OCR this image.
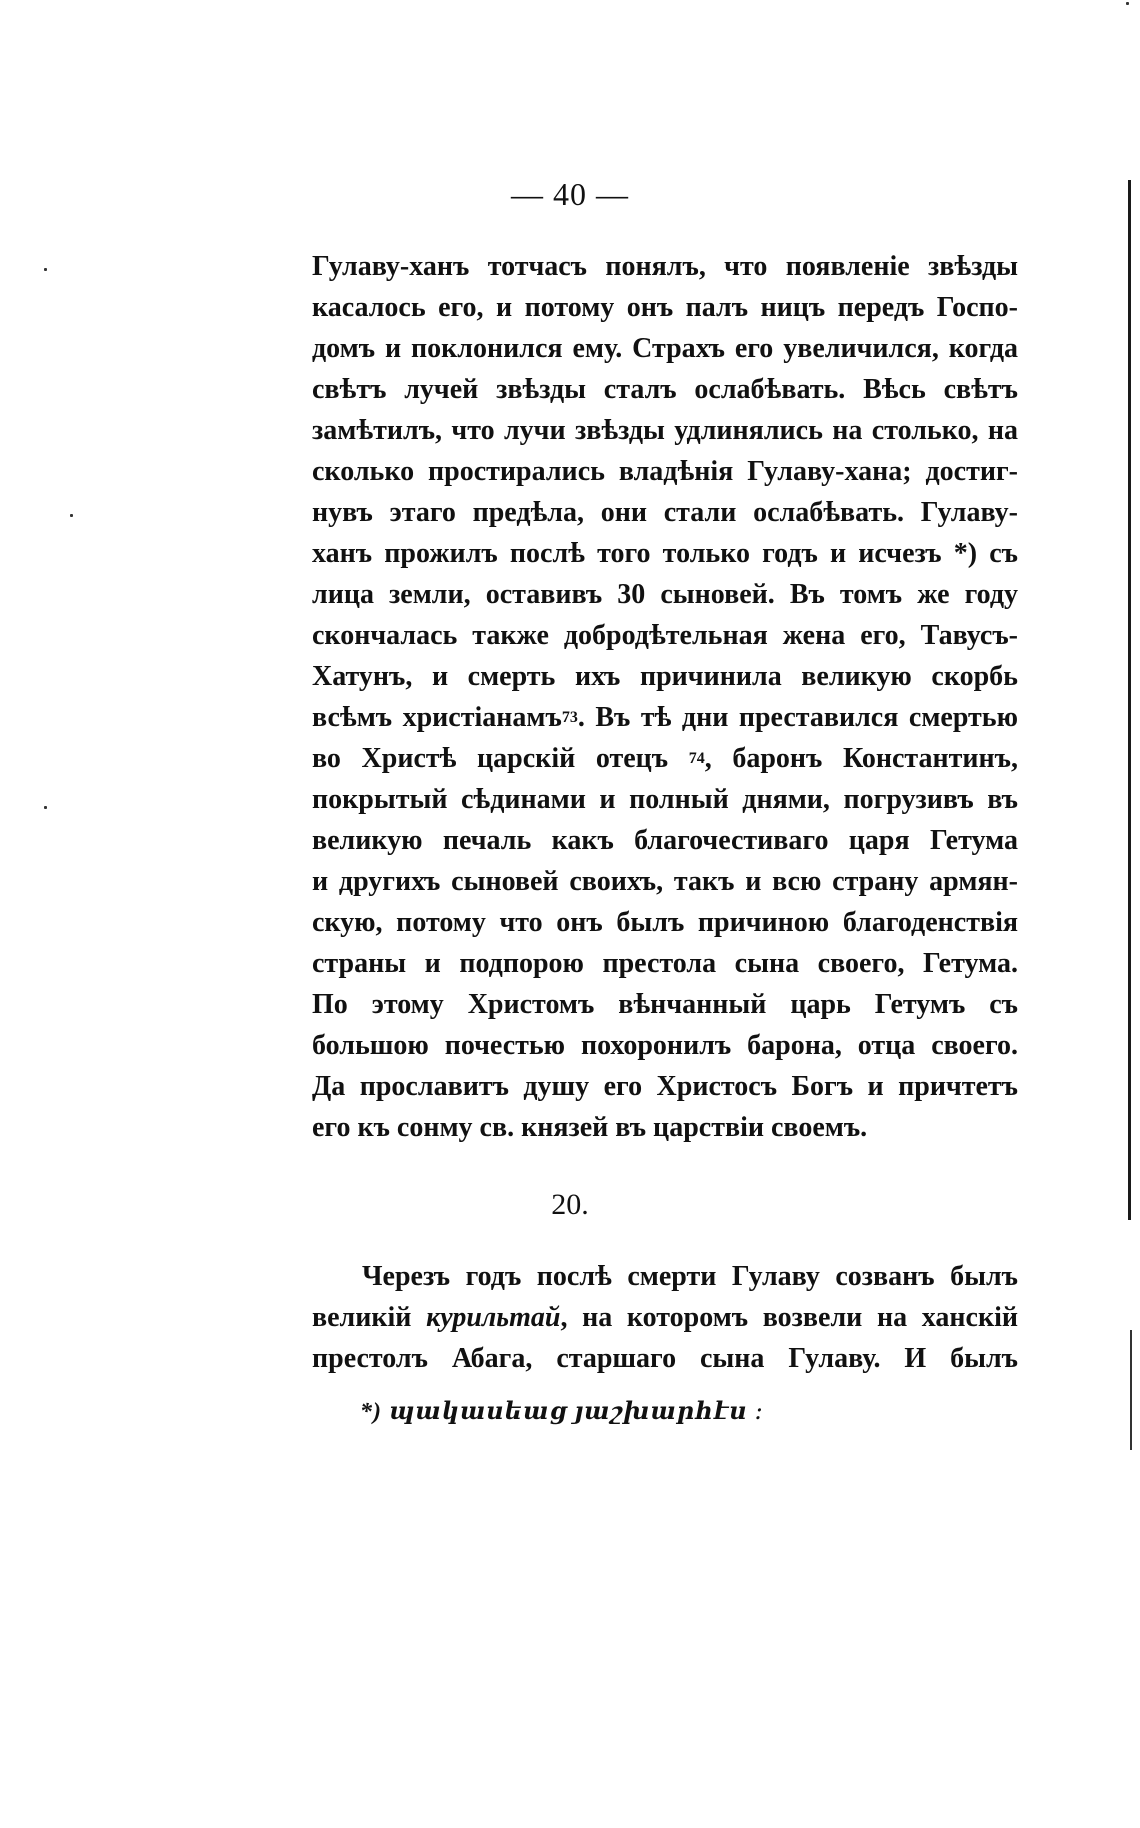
— 40 —
Гулаву-ханъ тотчасъ понялъ, что появленіе звѣзды
касалось его, и потому онъ палъ ницъ передъ Госпо-
домъ и поклонился ему. Страхъ его увеличился, когда
свѣтъ лучей звѣзды сталъ ослабѣвать. Вѣсь свѣтъ
замѣтилъ, что лучи звѣзды удлинялись на столько, на
сколько простирались владѣнія Гулаву-хана; достиг-
нувъ этаго предѣла, они стали ослабѣвать. Гулаву-
ханъ прожилъ послѣ того только годъ и исчезъ *) съ
лица земли, оставивъ 30 сыновей. Въ томъ же году
скончалась также добродѣтельная жена его, Тавусъ-
Хатунъ, и смерть ихъ причинила великую скорбь
всѣмъ христіанамъ$^{73}$. Въ тѣ дни преставился смертью
во Христѣ царскій отецъ $^{74}$, баронъ Константинъ,
покрытый сѣдинами и полный днями, погрузивъ въ
великую печаль какъ благочестиваго царя Гетума
и другихъ сыновей своихъ, такъ и всю страну армян-
скую, потому что онъ былъ причиною благоденствія
страны и подпорою престола сына своего, Гетума.
По этому Христомъ вѣнчанный царь Гетумъ съ
большою почестью похоронилъ барона, отца своего.
Да прославитъ душу его Христосъ Богъ и причтетъ
его къ сонму св. князей въ царствіи своемъ.
20.
Черезъ годъ послѣ смерти Гулаву созванъ былъ
великій курильтай, на которомъ возвели на ханскій
престолъ Абага, старшаго сына Гулаву. И былъ
*) պակասեաց յաշխարհէս ։
